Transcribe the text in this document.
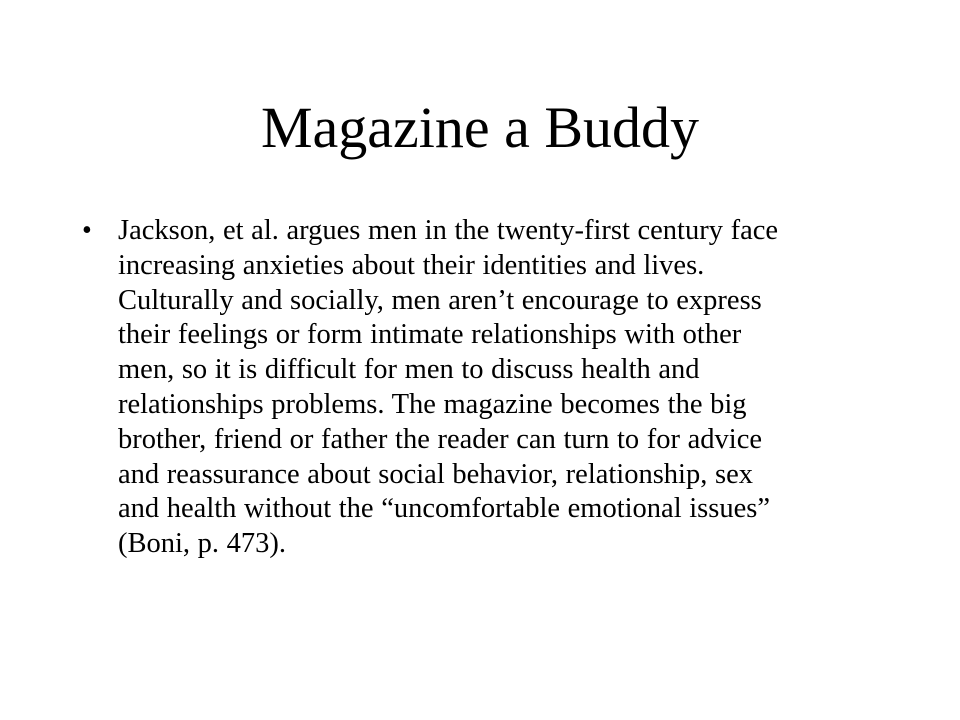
Magazine a Buddy
• Jackson, et al. argues men in the twenty-first century face
increasing anxieties about their identities and lives.
Culturally and socially, men aren’t encourage to express
their feelings or form intimate relationships with other
men, so it is difficult for men to discuss health and
relationships problems. The magazine becomes the big
brother, friend or father the reader can turn to for advice
and reassurance about social behavior, relationship, sex
and health without the “uncomfortable emotional issues”
(Boni, p. 473).
